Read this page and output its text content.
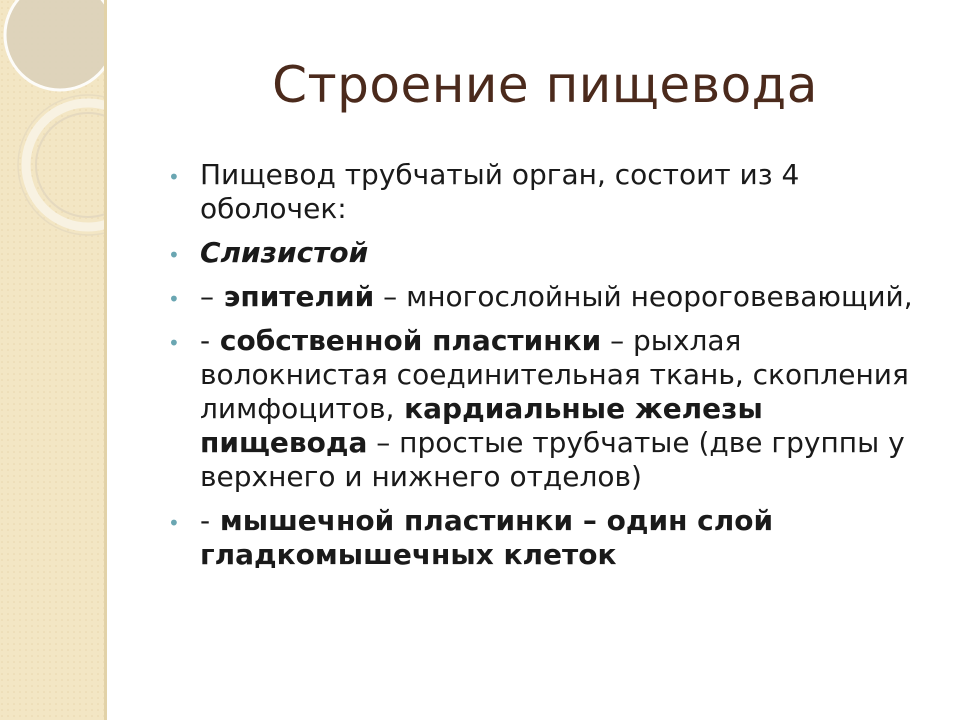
Строение пищевода
• Пищевод трубчатый орган, состоит из 4 оболочек:
• Слизистой
• – эпителий – многослойный неороговевающий,
• - собственной пластинки – рыхлая волокнистая соединительная ткань, скопления лимфоцитов, кардиальные железы пищевода – простые трубчатые (две группы у верхнего и нижнего отделов)
• - мышечной пластинки – один слой гладкомышечных клеток
